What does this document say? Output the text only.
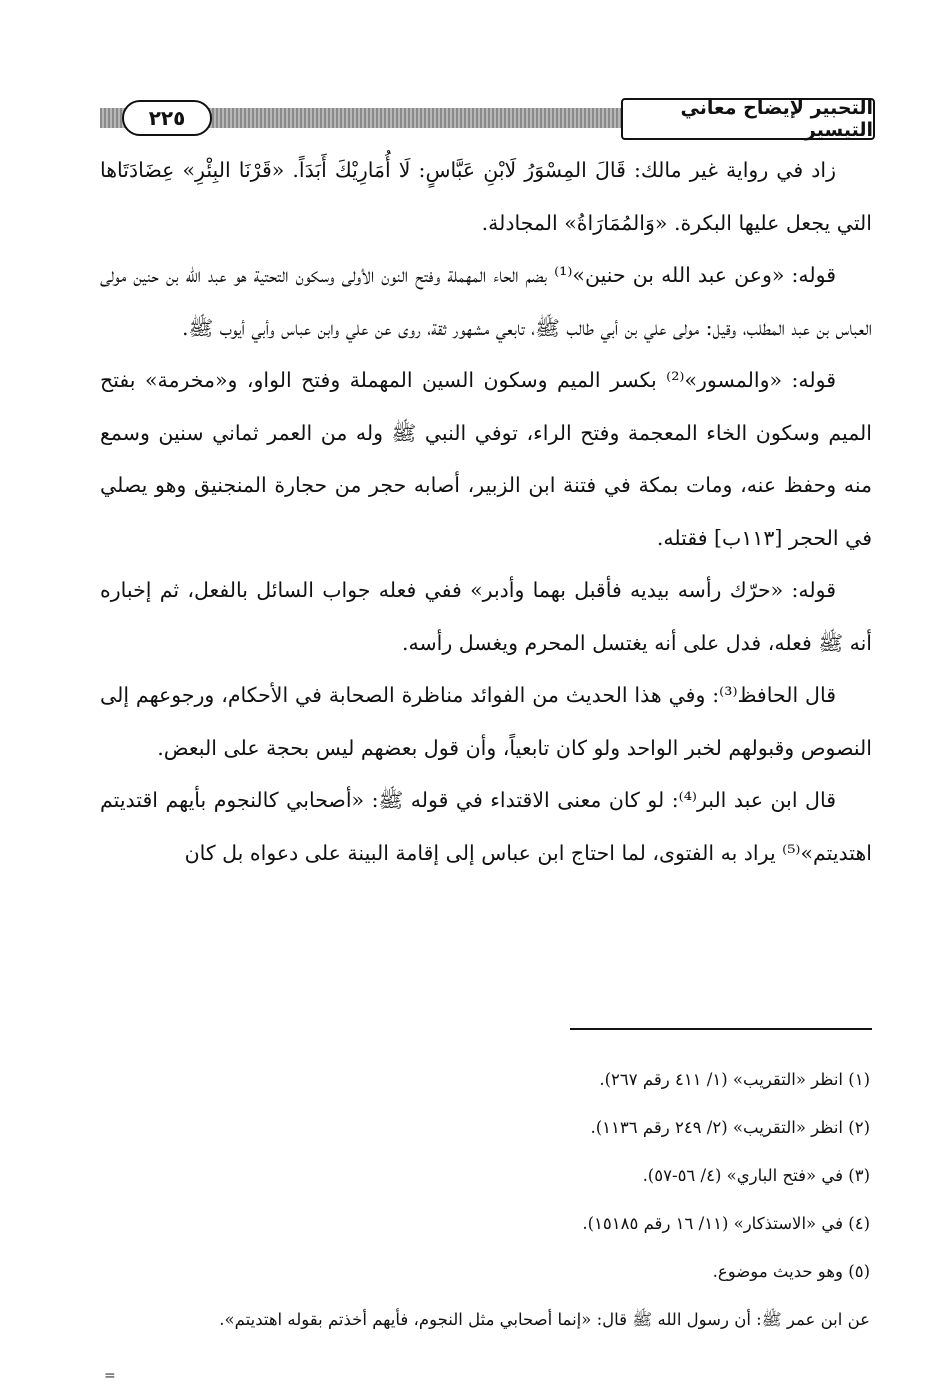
التحبير لإيضاح معاني التيسير
٢٢٥

زاد في رواية غير مالك: قَالَ المِسْوَرُ لَابْنِ عَبَّاسٍ: لَا أُمَارِيْكَ أَبَدَاً. «قَرْنَا البِئْرِ» عِضَادَتَاها التي يجعل عليها البكرة. «وَالمُمَارَاةُ» المجادلة.

قوله: «وعن عبد الله بن حنين»⁽¹⁾ بضم الحاء المهملة وفتح النون الأولى وسكون التحتية هو عبد الله بن حنين مولى العباس بن عبد المطلب، وقيل: مولى علي بن أبي طالب ﷺ، تابعي مشهور ثقة، روى عن علي وابن عباس وأبي أيوب ﷺ.

قوله: «والمسور»⁽²⁾ بكسر الميم وسكون السين المهملة وفتح الواو، و«مخرمة» بفتح الميم وسكون الخاء المعجمة وفتح الراء، توفي النبي ﷺ وله من العمر ثماني سنين وسمع منه وحفظ عنه، ومات بمكة في فتنة ابن الزبير، أصابه حجر من حجارة المنجنيق وهو يصلي في الحجر [١١٣ب] فقتله.

قوله: «حرّك رأسه بيديه فأقبل بهما وأدبر» ففي فعله جواب السائل بالفعل، ثم إخباره أنه ﷺ فعله، فدل على أنه يغتسل المحرم ويغسل رأسه.

قال الحافظ⁽³⁾: وفي هذا الحديث من الفوائد مناظرة الصحابة في الأحكام، ورجوعهم إلى النصوص وقبولهم لخبر الواحد ولو كان تابعياً، وأن قول بعضهم ليس بحجة على البعض.

قال ابن عبد البر⁽⁴⁾: لو كان معنى الاقتداء في قوله ﷺ: «أصحابي كالنجوم بأيهم اقتديتم اهتديتم»⁽⁵⁾ يراد به الفتوى، لما احتاج ابن عباس إلى إقامة البينة على دعواه بل كان

(١) انظر «التقريب» (١/ ٤١١ رقم ٢٦٧).
(٢) انظر «التقريب» (٢/ ٢٤٩ رقم ١١٣٦).
(٣) في «فتح الباري» (٤/ ٥٦-٥٧).
(٤) في «الاستذكار» (١١/ ١٦ رقم ١٥١٨٥).
(٥) وهو حديث موضوع.
عن ابن عمر ﷺ: أن رسول الله ﷺ قال: «إنما أصحابي مثل النجوم، فأيهم أخذتم بقوله اهتديتم».
=
